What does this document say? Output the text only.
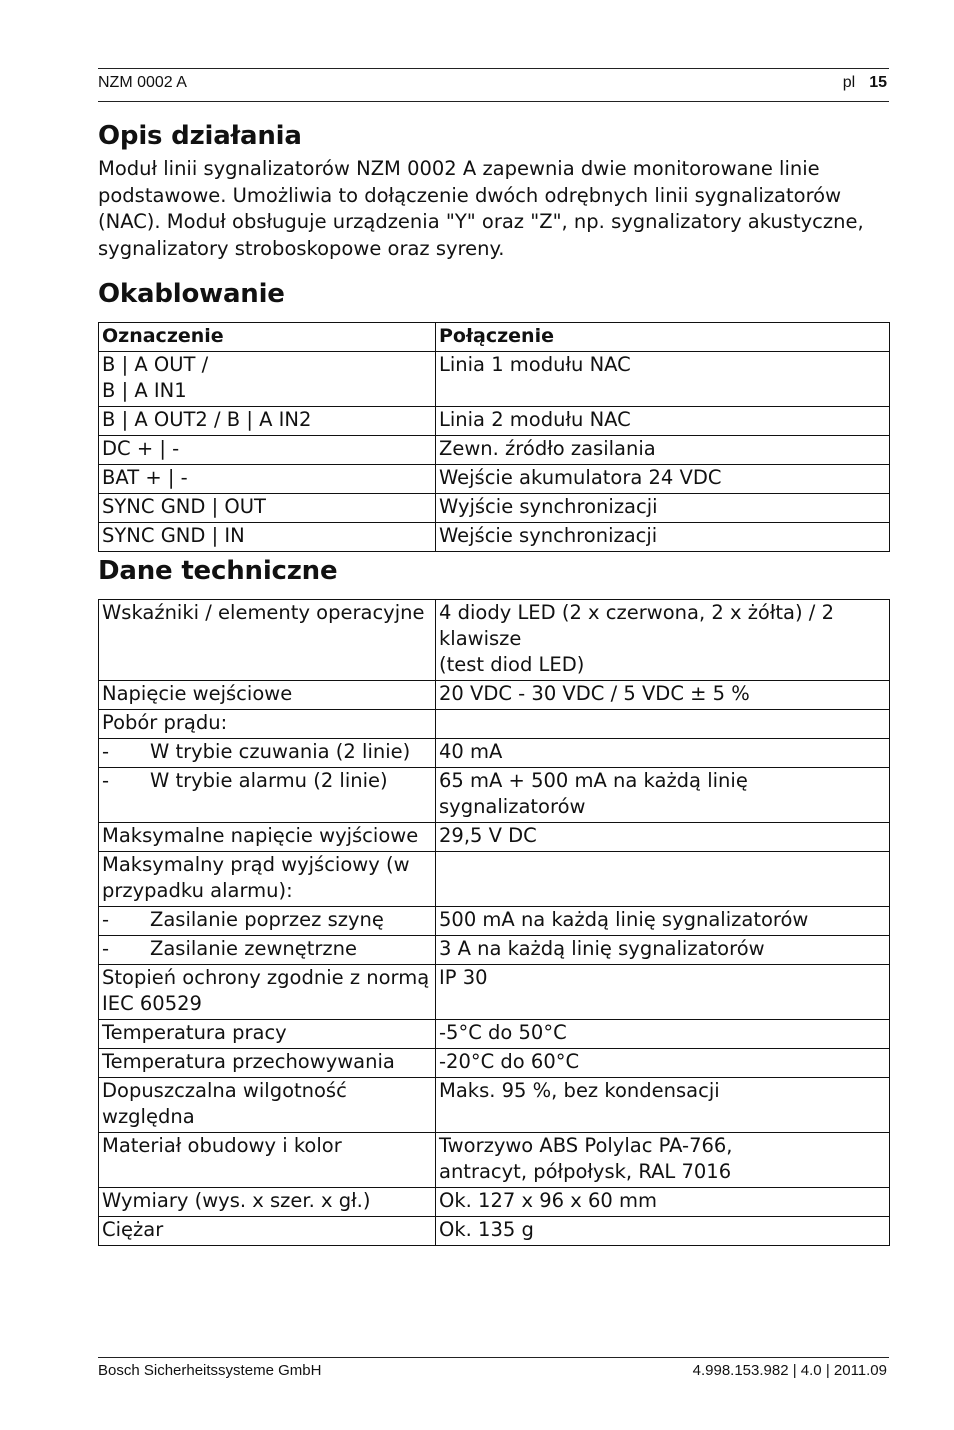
NZM 0002 A	pl 15
Opis działania

Moduł linii sygnalizatorów NZM 0002 A zapewnia dwie monitorowane linie podstawowe. Umożliwia to dołączenie dwóch odrębnych linii sygnalizatorów (NAC). Moduł obsługuje urządzenia "Y" oraz "Z", np. sygnalizatory akustyczne, sygnalizatory stroboskopowe oraz syreny.

Okablowanie
Oznaczenie	Połączenie

B | A OUT /
B | A IN1	Linia 1 modułu NAC
B | A OUT2 / B | A IN2	Linia 2 modułu NAC
DC + | -	Zewn. źródło zasilania
BAT + | -	Wejście akumulatora 24 VDC
SYNC GND | OUT	Wyjście synchronizacji
SYNC GND | IN	Wejście synchronizacji
Dane techniczne
Wskaźniki / elementy operacyjne	4 diody LED (2 x czerwona, 2 x żółta) / 2 klawisze
(test diod LED)

Napięcie wejściowe	20 VDC - 30 VDC / 5 VDC ± 5 %
Pobór prądu:	
- W trybie czuwania (2 linie)	40 mA
- W trybie alarmu (2 linie)	65 mA + 500 mA na każdą linię sygnalizatorów
Maksymalne napięcie wyjściowe	29,5 V DC
Maksymalny prąd wyjściowy (w przypadku alarmu):	
- Zasilanie poprzez szynę	500 mA na każdą linię sygnalizatorów
- Zasilanie zewnętrzne	3 A na każdą linię sygnalizatorów
Stopień ochrony zgodnie z normą IEC 60529	IP 30
Temperatura pracy	-5°C do 50°C
Temperatura przechowywania	-20°C do 60°C
Dopuszczalna wilgotność względna	Maks. 95 %, bez kondensacji
Materiał obudowy i kolor	Tworzywo ABS Polylac PA-766,
antracyt, półpołysk, RAL 7016

Wymiary (wys. x szer. x gł.)	Ok. 127 x 96 x 60 mm
Ciężar	Ok. 135 g
Bosch Sicherheitssysteme GmbH	4.998.153.982 | 4.0 | 2011.09
